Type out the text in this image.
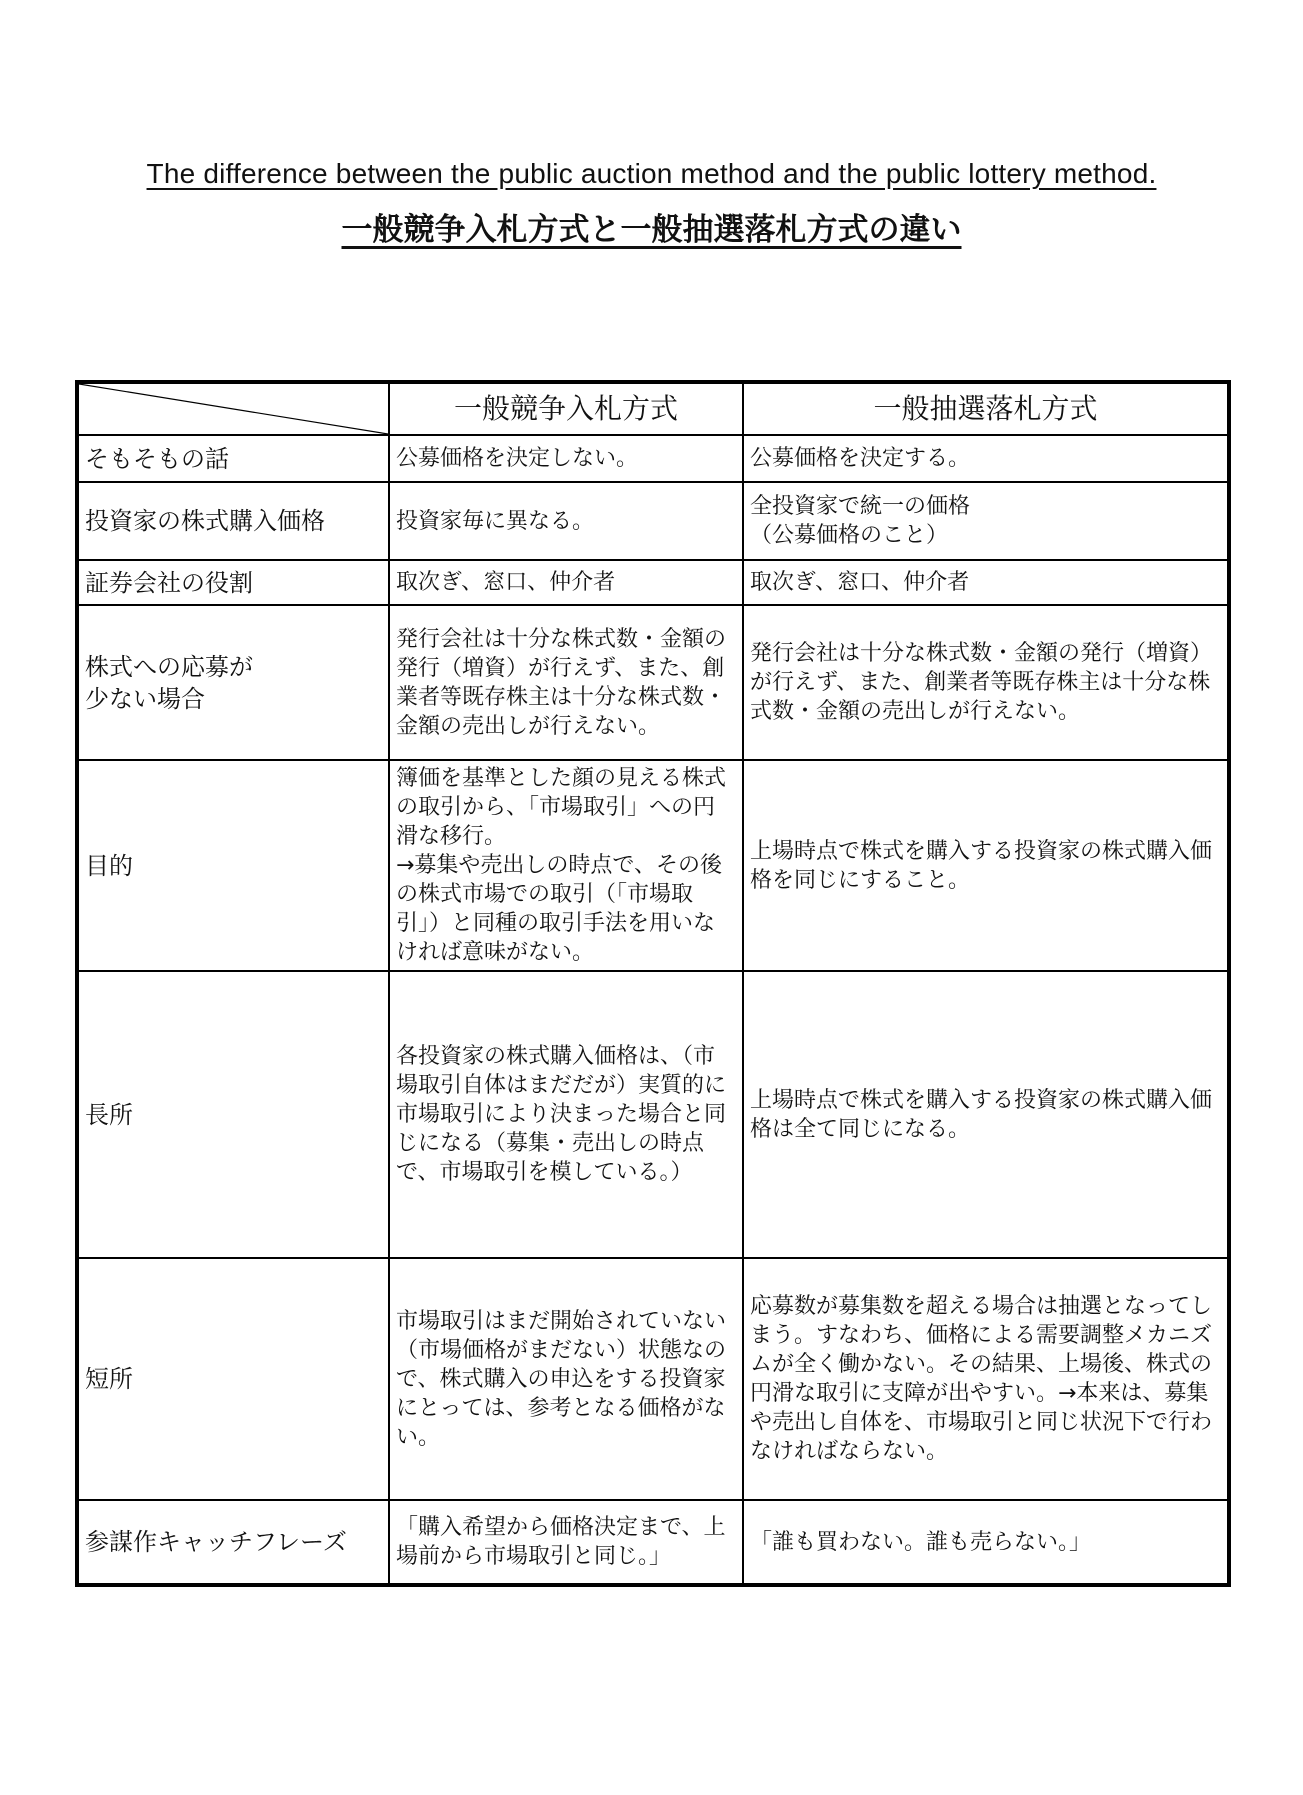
The difference between the public auction method and the public lottery method.
一般競争入札方式と一般抽選落札方式の違い
	一般競争入札方式	一般抽選落札方式
そもそもの話	公募価格を決定しない。	公募価格を決定する。
投資家の株式購入価格	投資家毎に異なる。	全投資家で統一の価格
（公募価格のこと）
証券会社の役割	取次ぎ、窓口、仲介者	取次ぎ、窓口、仲介者
株式への応募が
少ない場合	発行会社は十分な株式数・金額の発行（増資）が行えず、また、創業者等既存株主は十分な株式数・金額の売出しが行えない。	発行会社は十分な株式数・金額の発行（増資）が行えず、また、創業者等既存株主は十分な株式数・金額の売出しが行えない。
目的	簿価を基準とした顔の見える株式の取引から、「市場取引」への円滑な移行。
→募集や売出しの時点で、その後の株式市場での取引（「市場取引」）と同種の取引手法を用いなければ意味がない。	上場時点で株式を購入する投資家の株式購入価格を同じにすること。
長所	各投資家の株式購入価格は、（市場取引自体はまだだが）実質的に市場取引により決まった場合と同じになる（募集・売出しの時点で、市場取引を模している。）	上場時点で株式を購入する投資家の株式購入価格は全て同じになる。
短所	市場取引はまだ開始されていない（市場価格がまだない）状態なので、株式購入の申込をする投資家にとっては、参考となる価格がない。	応募数が募集数を超える場合は抽選となってしまう。すなわち、価格による需要調整メカニズムが全く働かない。その結果、上場後、株式の円滑な取引に支障が出やすい。→本来は、募集や売出し自体を、市場取引と同じ状況下で行わなければならない。
参謀作キャッチフレーズ	「購入希望から価格決定まで、上場前から市場取引と同じ。」	「誰も買わない。誰も売らない。」
